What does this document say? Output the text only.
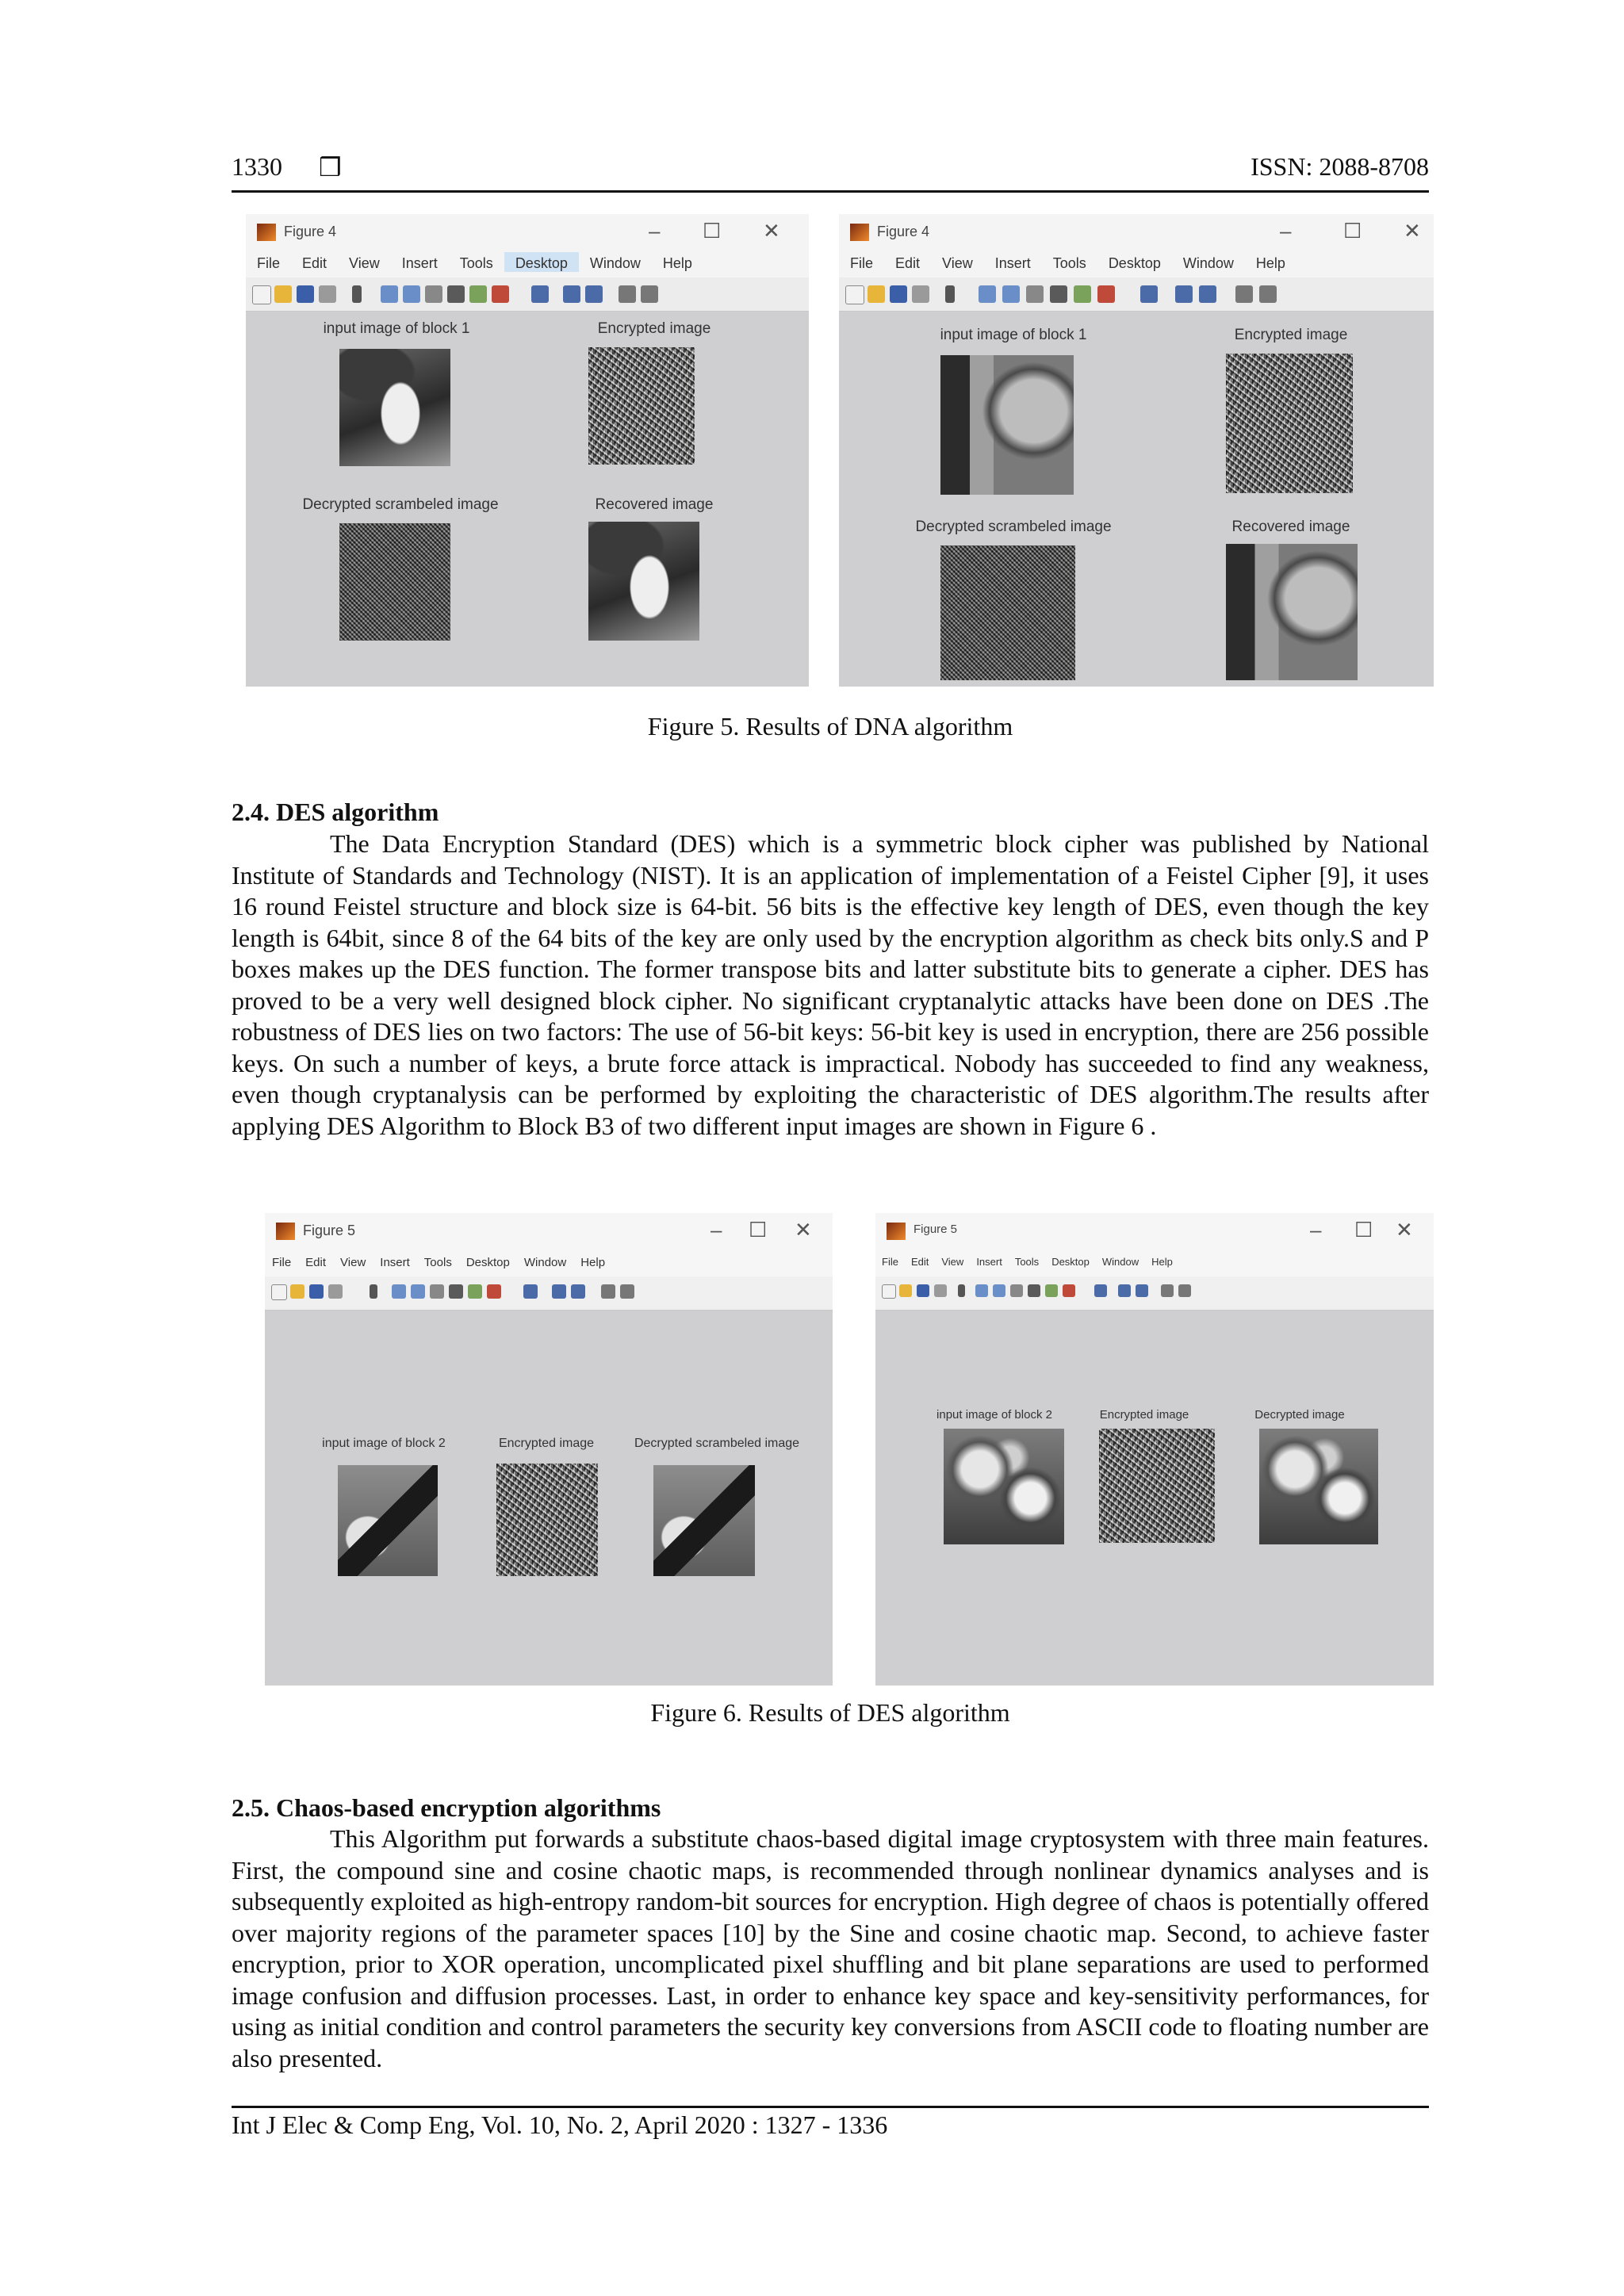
1330 ❒	ISSN: 2088-8708
Figure 4	– ☐ ✕
File Edit View Insert Tools Desktop Window Help
input image of block 1	Encrypted image
Decrypted scrambeled image	Recovered image
Figure 4	–	☐ ✕
File Edit View Insert Tools Desktop Window Help
input image of block 1	Encrypted image
Decrypted scrambeled image	Recovered image
Figure 5. Results of DNA algorithm
2.4. DES algorithm

The Data Encryption Standard (DES) which is a symmetric block cipher was published by National Institute of Standards and Technology (NIST). It is an application of implementation of a Feistel Cipher [9], it uses 16 round Feistel structure and block size is 64-bit. 56 bits is the effective key length of DES, even though the key length is 64bit, since 8 of the 64 bits of the key are only used by the encryption algorithm as check bits only.S and P boxes makes up the DES function. The former transpose bits and latter substitute bits to generate a cipher. DES has proved to be a very well designed block cipher. No significant cryptanalytic attacks have been done on DES .The robustness of DES lies on two factors: The use of 56-bit keys: 56-bit key is used in encryption, there are 256 possible keys. On such a number of keys, a brute force attack is impractical. Nobody has succeeded to find any weakness, even though cryptanalysis can be performed by exploiting the characteristic of DES algorithm.The results after applying DES Algorithm to Block B3 of two different input images are shown in Figure 6 .

Figure 5	– ☐ ✕
File Edit View Insert Tools Desktop Window Help
input image of block 2	Encrypted image	Decrypted scrambeled image
Figure 5	– ☐ ✕
File Edit View Insert Tools Desktop Window Help
input image of block 2	Encrypted image	Decrypted image
Figure 6. Results of DES algorithm
2.5. Chaos-based encryption algorithms

This Algorithm put forwards a substitute chaos-based digital image cryptosystem with three main features. First, the compound sine and cosine chaotic maps, is recommended through nonlinear dynamics analyses and is subsequently exploited as high-entropy random-bit sources for encryption. High degree of chaos is potentially offered over majority regions of the parameter spaces [10] by the Sine and cosine chaotic map. Second, to achieve faster encryption, prior to XOR operation, uncomplicated pixel shuffling and bit plane separations are used to performed image confusion and diffusion processes. Last, in order to enhance key space and key-sensitivity performances, for using as initial condition and control parameters the security key conversions from ASCII code to floating number are also presented.

Int J Elec & Comp Eng, Vol. 10, No. 2, April 2020 : 1327 - 1336
